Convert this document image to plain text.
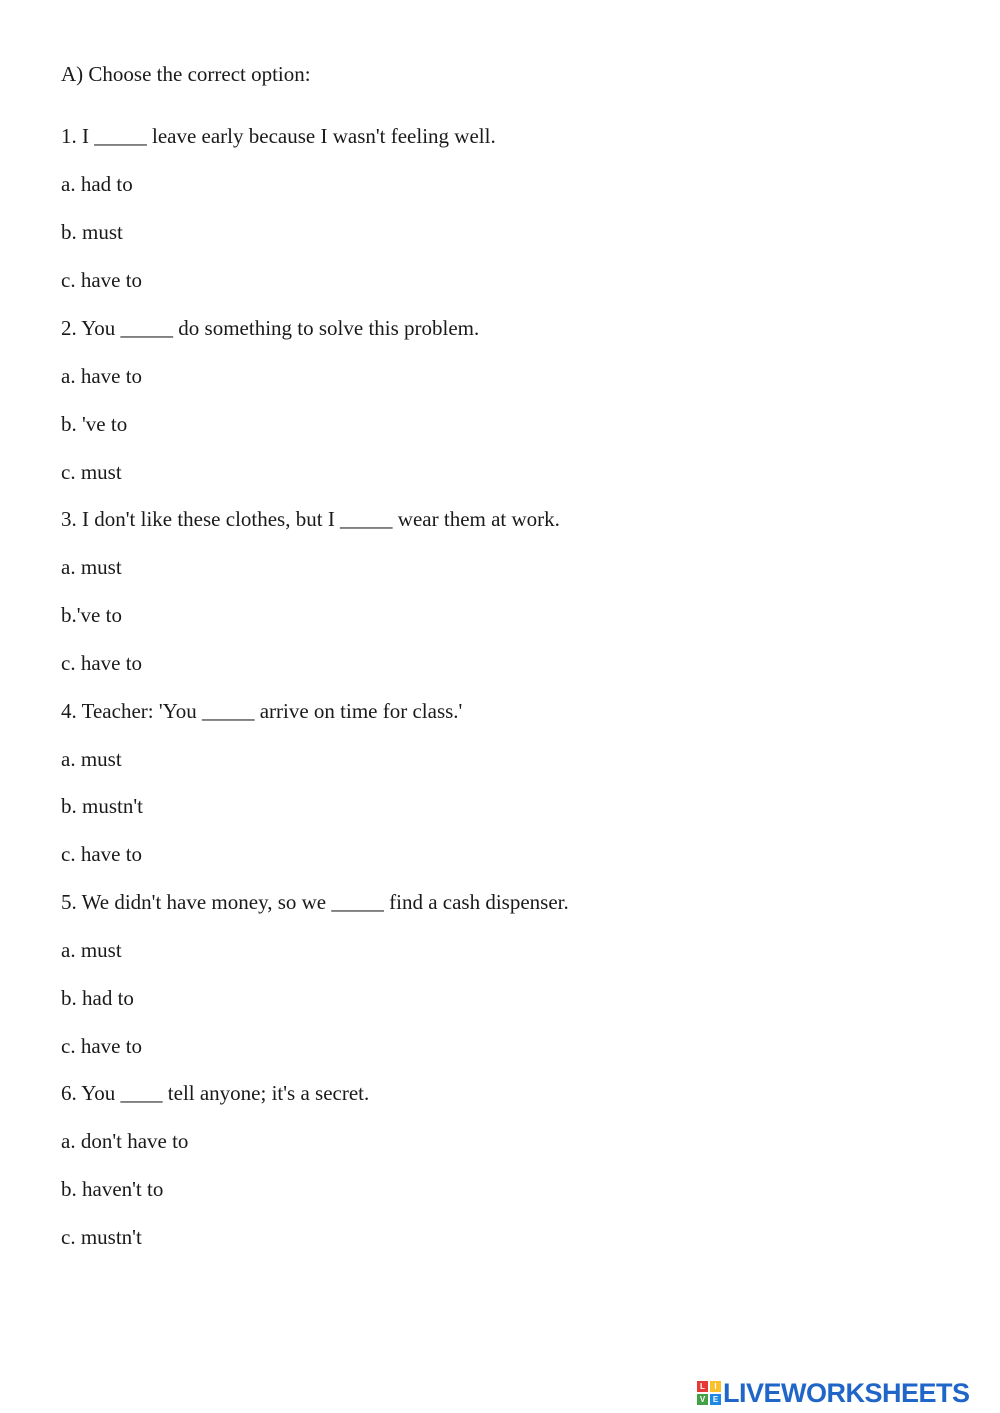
A) Choose the correct option:
1. I _____ leave early because I wasn't feeling well.
a. had to
b. must
c. have to
2. You _____ do something to solve this problem.
a. have to
b. 've to
c. must
3. I don't like these clothes, but I _____ wear them at work.
a. must
b.'ve to
c. have to
4. Teacher: 'You _____ arrive on time for class.'
a. must
b. mustn't
c. have to
5. We didn't have money, so we _____ find a cash dispenser.
a. must
b. had to
c. have to
6. You ____ tell anyone; it's a secret.
a. don't have to
b. haven't to
c. mustn't
L	I
V E LIVEWORKSHEETS
